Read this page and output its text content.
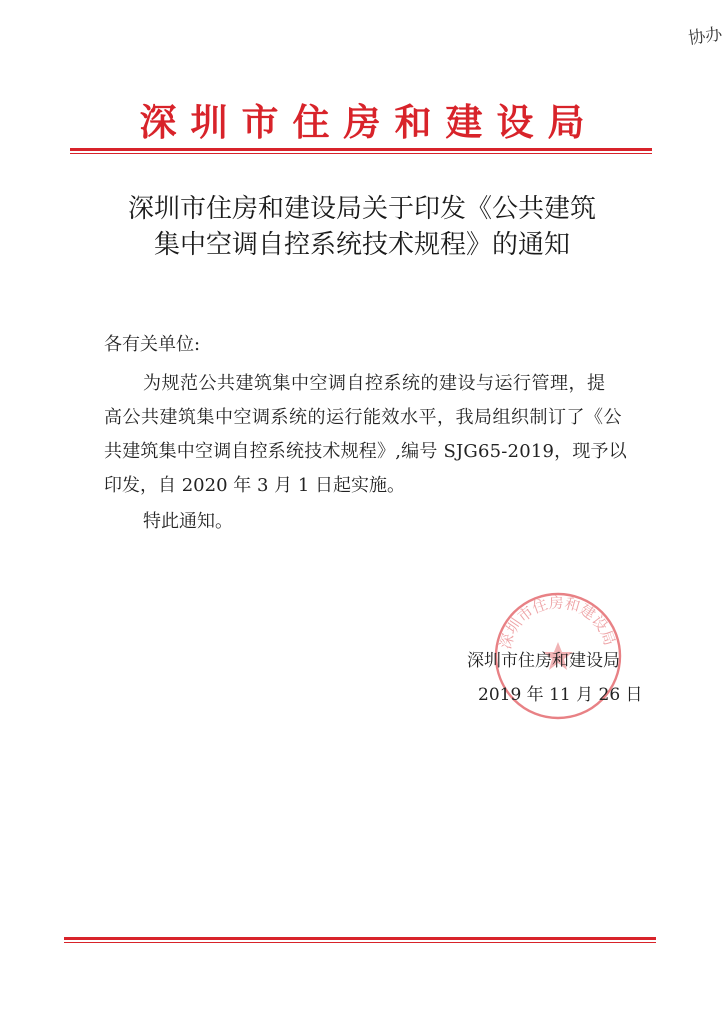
协办
深圳市住房和建设局
深圳市住房和建设局关于印发《公共建筑
集中空调自控系统技术规程》的通知
各有关单位:
为规范公共建筑集中空调自控系统的建设与运行管理，提
高公共建筑集中空调系统的运行能效水平，我局组织制订了《公
共建筑集中空调自控系统技术规程》,编号 SJG65-2019，现予以
印发，自 2020 年 3 月 1 日起实施。
特此通知。
深圳市住房和建设局
深圳市住房和建设局
2019 年 11 月 26 日
